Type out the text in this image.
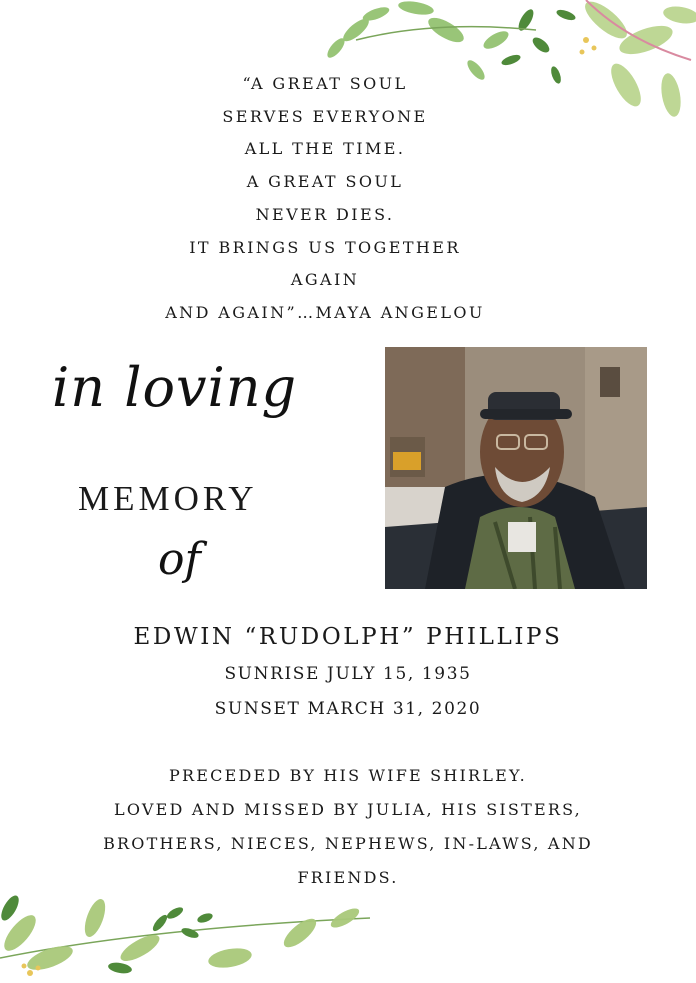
“A GREAT SOUL
SERVES EVERYONE
ALL THE TIME.
A GREAT SOUL
NEVER DIES.
IT BRINGS US TOGETHER
AGAIN
AND AGAIN”…MAYA ANGELOU
in loving
MEMORY
of
EDWIN “RUDOLPH” PHILLIPS
SUNRISE JULY 15, 1935
SUNSET MARCH 31, 2020
PRECEDED BY HIS WIFE SHIRLEY.
LOVED AND MISSED BY JULIA, HIS SISTERS,
BROTHERS, NIECES, NEPHEWS, IN-LAWS, AND
FRIENDS.
